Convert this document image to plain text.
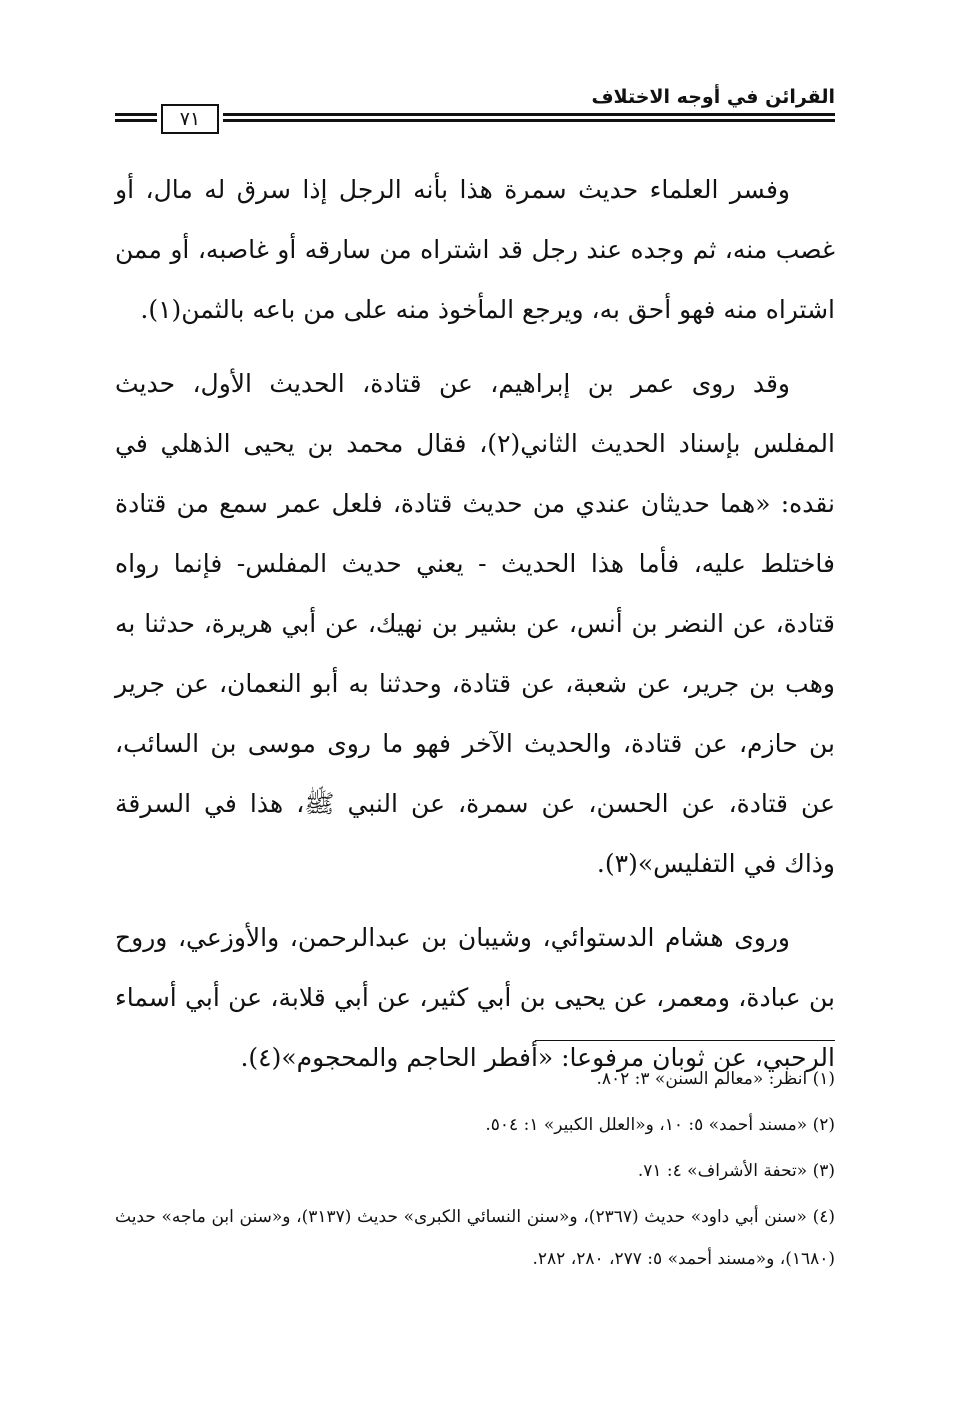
القرائن في أوجه الاختلاف
٧١

وفسر العلماء حديث سمرة هذا بأنه الرجل إذا سرق له مال، أو غصب منه، ثم وجده عند رجل قد اشتراه من سارقه أو غاصبه، أو ممن اشتراه منه فهو أحق به، ويرجع المأخوذ منه على من باعه بالثمن(١).

وقد روى عمر بن إبراهيم، عن قتادة، الحديث الأول، حديث المفلس بإسناد الحديث الثاني(٢)، فقال محمد بن يحيى الذهلي في نقده: «هما حديثان عندي من حديث قتادة، فلعل عمر سمع من قتادة فاختلط عليه، فأما هذا الحديث - يعني حديث المفلس- فإنما رواه قتادة، عن النضر بن أنس، عن بشير بن نهيك، عن أبي هريرة، حدثنا به وهب بن جرير، عن شعبة، عن قتادة، وحدثنا به أبو النعمان، عن جرير بن حازم، عن قتادة، والحديث الآخر فهو ما روى موسى بن السائب، عن قتادة، عن الحسن، عن سمرة، عن النبي ﷺ، هذا في السرقة وذاك في التفليس»(٣).

وروى هشام الدستوائي، وشيبان بن عبدالرحمن، والأوزعي، وروح بن عبادة، ومعمر، عن يحيى بن أبي كثير، عن أبي قلابة، عن أبي أسماء الرحبي، عن ثوبان مرفوعا: «أفطر الحاجم والمحجوم»(٤).

(١) انظر: «معالم السنن» ٣: ٨٠٢.
(٢) «مسند أحمد» ٥: ١٠، و«العلل الكبير» ١: ٥٠٤.
(٣) «تحفة الأشراف» ٤: ٧١.
(٤) «سنن أبي داود» حديث (٢٣٦٧)، و«سنن النسائي الكبرى» حديث (٣١٣٧)، و«سنن ابن ماجه» حديث (١٦٨٠)، و«مسند أحمد» ٥: ٢٧٧، ٢٨٠، ٢٨٢.
